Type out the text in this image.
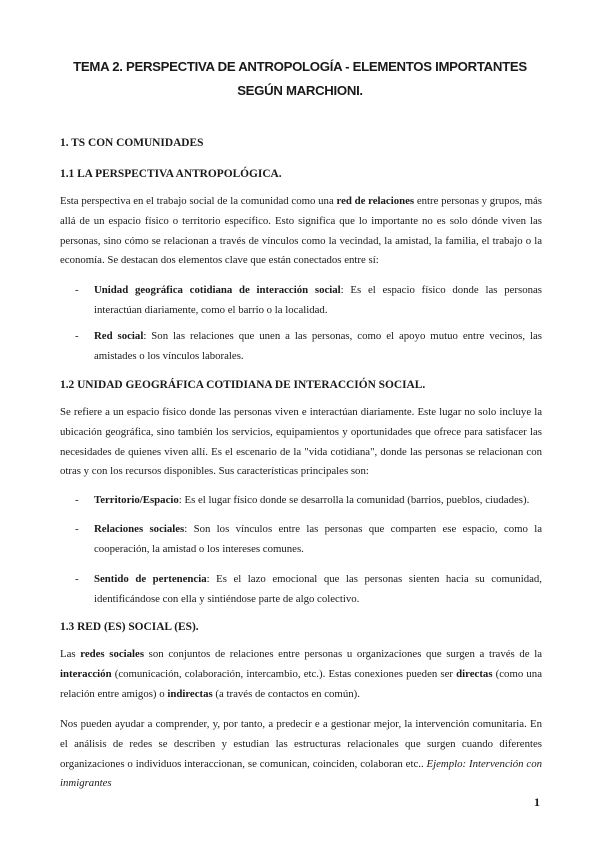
TEMA 2. PERSPECTIVA DE ANTROPOLOGÍA - ELEMENTOS IMPORTANTES
SEGÚN MARCHIONI.
1. TS CON COMUNIDADES
1.1 LA PERSPECTIVA ANTROPOLÓGICA.
Esta perspectiva en el trabajo social de la comunidad como una red de relaciones entre personas y grupos, más allá de un espacio físico o territorio específico. Esto significa que lo importante no es solo dónde viven las personas, sino cómo se relacionan a través de vínculos como la vecindad, la amistad, la familia, el trabajo o la economía. Se destacan dos elementos clave que están conectados entre sí:
- Unidad geográfica cotidiana de interacción social: Es el espacio físico donde las personas interactúan diariamente, como el barrio o la localidad.
- Red social: Son las relaciones que unen a las personas, como el apoyo mutuo entre vecinos, las amistades o los vínculos laborales.
1.2 UNIDAD GEOGRÁFICA COTIDIANA DE INTERACCIÓN SOCIAL.
Se refiere a un espacio físico donde las personas viven e interactúan diariamente. Este lugar no solo incluye la ubicación geográfica, sino también los servicios, equipamientos y oportunidades que ofrece para satisfacer las necesidades de quienes viven allí. Es el escenario de la "vida cotidiana", donde las personas se relacionan con otras y con los recursos disponibles. Sus características principales son:
- Territorio/Espacio: Es el lugar físico donde se desarrolla la comunidad (barrios, pueblos, ciudades).
- Relaciones sociales: Son los vínculos entre las personas que comparten ese espacio, como la cooperación, la amistad o los intereses comunes.
- Sentido de pertenencia: Es el lazo emocional que las personas sienten hacia su comunidad, identificándose con ella y sintiéndose parte de algo colectivo.
1.3 RED (ES) SOCIAL (ES).
Las redes sociales son conjuntos de relaciones entre personas u organizaciones que surgen a través de la interacción (comunicación, colaboración, intercambio, etc.). Estas conexiones pueden ser directas (como una relación entre amigos) o indirectas (a través de contactos en común).
Nos pueden ayudar a comprender, y, por tanto, a predecir e a gestionar mejor, la intervención comunitaria. En el análisis de redes se describen y estudian las estructuras relacionales que surgen cuando diferentes organizaciones o individuos interaccionan, se comunican, coinciden, colaboran etc.. Ejemplo: Intervención con inmigrantes
1
